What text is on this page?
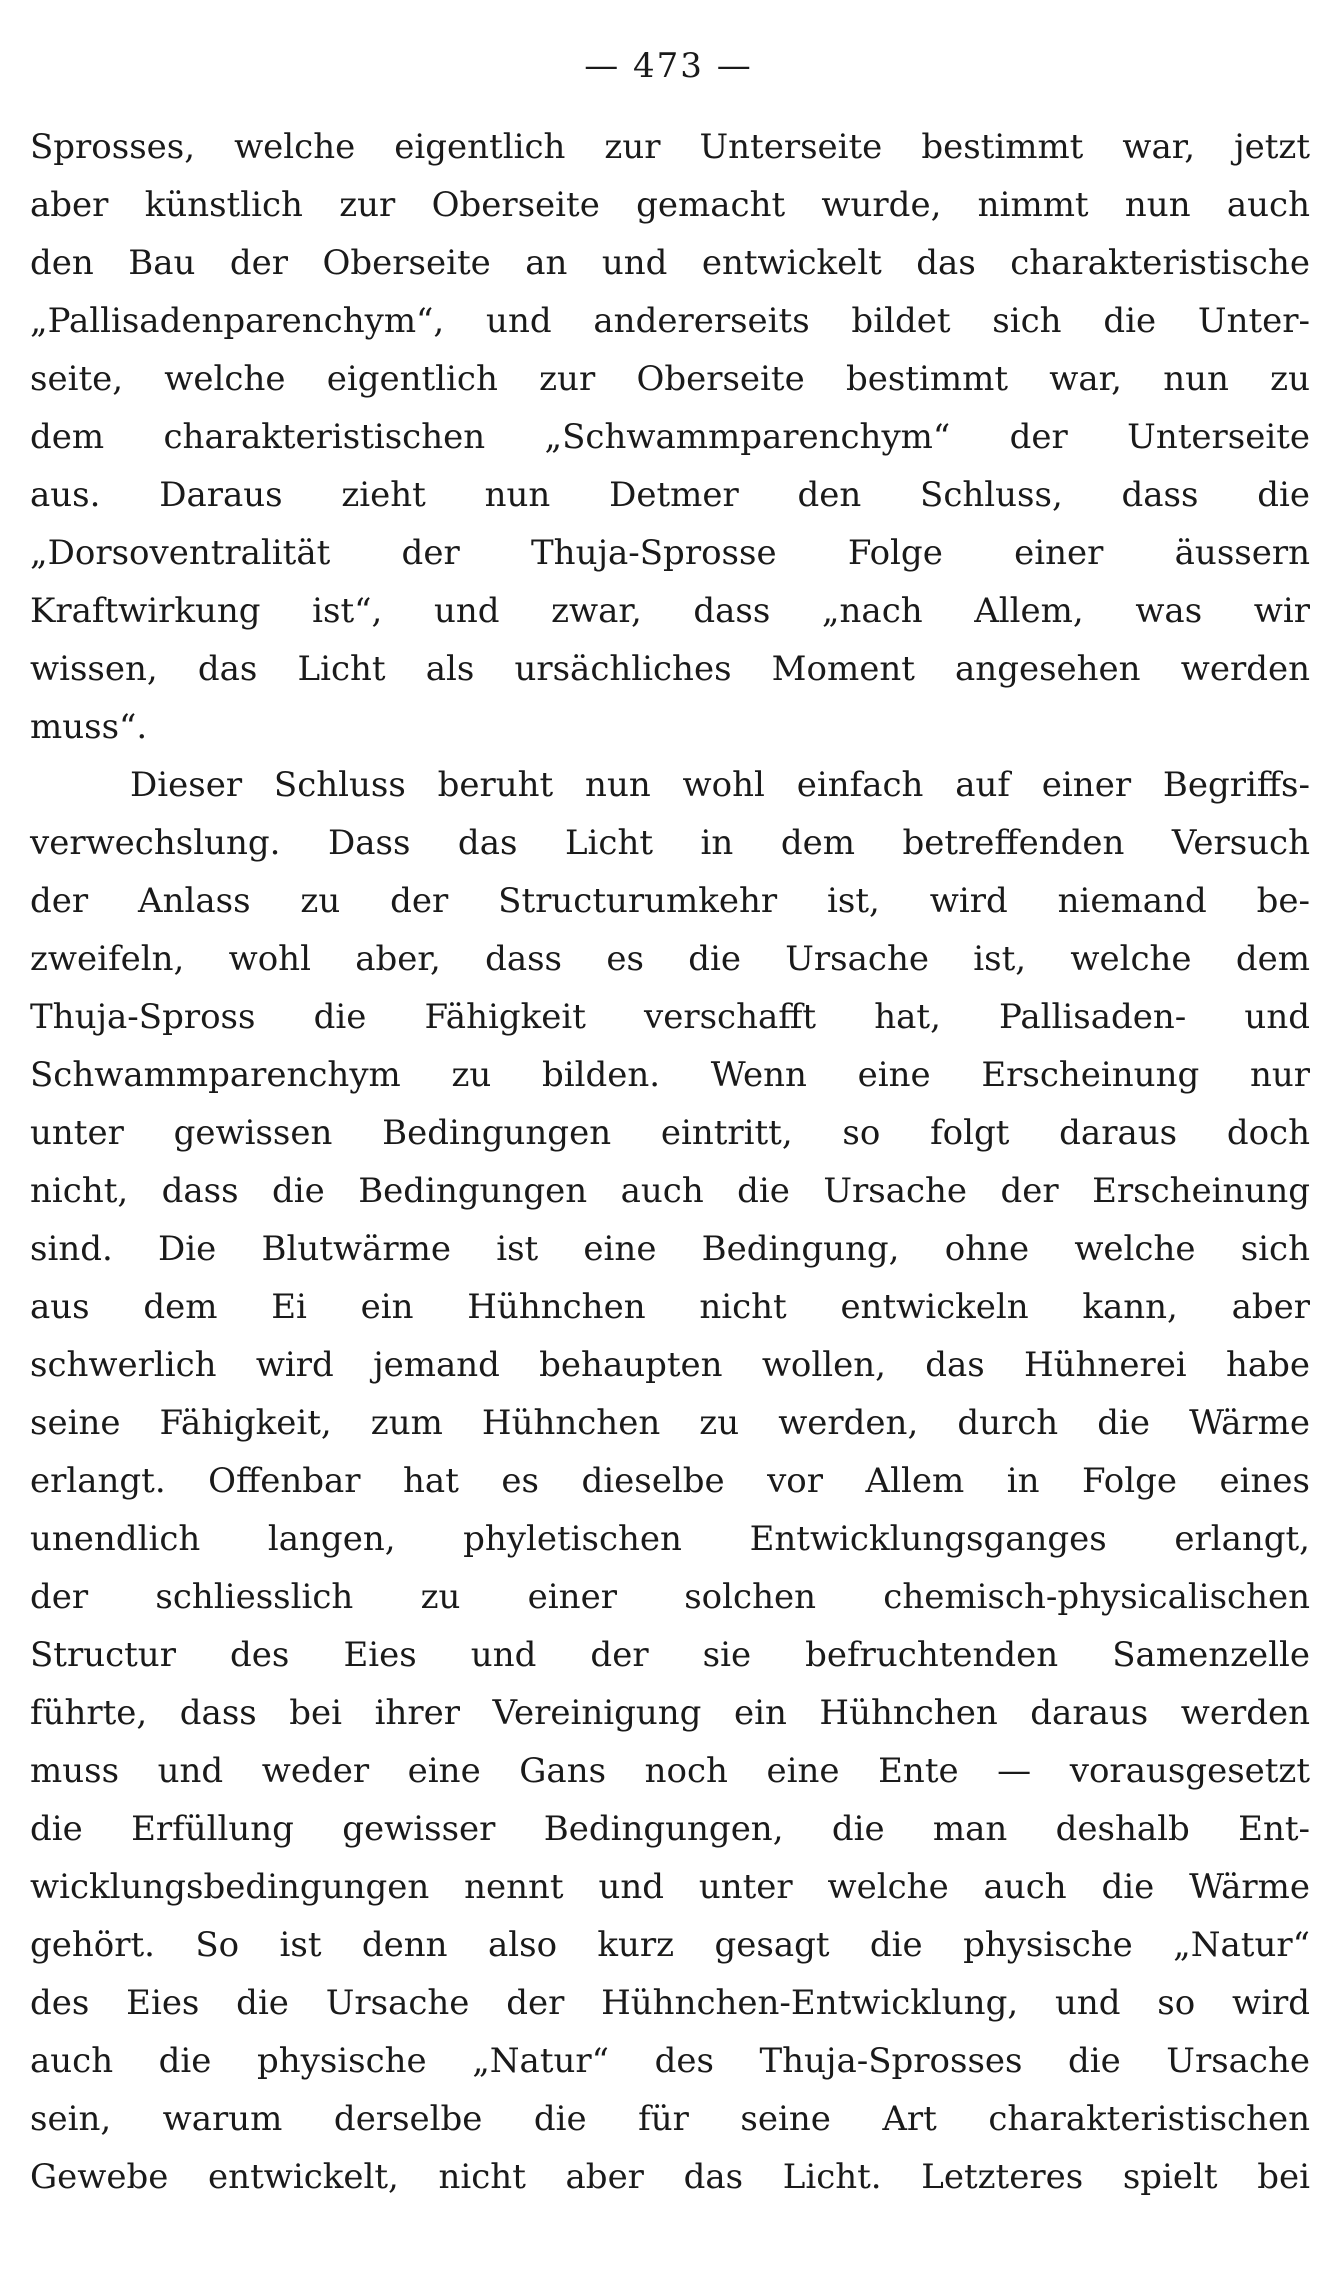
— 473 —
Sprosses, welche eigentlich zur Unterseite bestimmt war, jetzt
aber künstlich zur Oberseite gemacht wurde, nimmt nun auch
den Bau der Oberseite an und entwickelt das charakteristische
„Pallisadenparenchym“, und andererseits bildet sich die Unter-
seite, welche eigentlich zur Oberseite bestimmt war, nun zu
dem charakteristischen „Schwammparenchym“ der Unterseite
aus. Daraus zieht nun Detmer den Schluss, dass die
„Dorsoventralität der Thuja-Sprosse Folge einer äussern
Kraftwirkung ist“, und zwar, dass „nach Allem, was wir
wissen, das Licht als ursächliches Moment angesehen werden
muss“.
Dieser Schluss beruht nun wohl einfach auf einer Begriffs-
verwechslung. Dass das Licht in dem betreffenden Versuch
der Anlass zu der Structurumkehr ist, wird niemand be-
zweifeln, wohl aber, dass es die Ursache ist, welche dem
Thuja-Spross die Fähigkeit verschafft hat, Pallisaden- und
Schwammparenchym zu bilden. Wenn eine Erscheinung nur
unter gewissen Bedingungen eintritt, so folgt daraus doch
nicht, dass die Bedingungen auch die Ursache der Erscheinung
sind. Die Blutwärme ist eine Bedingung, ohne welche sich
aus dem Ei ein Hühnchen nicht entwickeln kann, aber
schwerlich wird jemand behaupten wollen, das Hühnerei habe
seine Fähigkeit, zum Hühnchen zu werden, durch die Wärme
erlangt. Offenbar hat es dieselbe vor Allem in Folge eines
unendlich langen, phyletischen Entwicklungsganges erlangt,
der schliesslich zu einer solchen chemisch-physicalischen
Structur des Eies und der sie befruchtenden Samenzelle
führte, dass bei ihrer Vereinigung ein Hühnchen daraus werden
muss und weder eine Gans noch eine Ente — vorausgesetzt
die Erfüllung gewisser Bedingungen, die man deshalb Ent-
wicklungsbedingungen nennt und unter welche auch die Wärme
gehört. So ist denn also kurz gesagt die physische „Natur“
des Eies die Ursache der Hühnchen-Entwicklung, und so wird
auch die physische „Natur“ des Thuja-Sprosses die Ursache
sein, warum derselbe die für seine Art charakteristischen
Gewebe entwickelt, nicht aber das Licht. Letzteres spielt bei
